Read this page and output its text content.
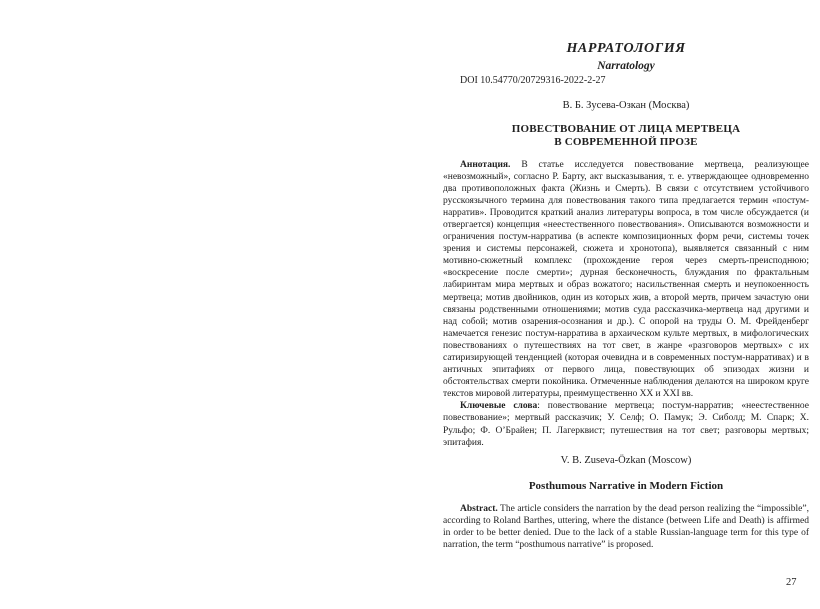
НАРРАТОЛОГИЯ
Narratology
DOI 10.54770/20729316-2022-2-27
В. Б. Зусева-Озкан (Москва)
ПОВЕСТВОВАНИЕ ОТ ЛИЦА МЕРТВЕЦА
В СОВРЕМЕННОЙ ПРОЗЕ

Аннотация. В статье исследуется повествование мертвеца, реализующее «невозможный», согласно Р. Барту, акт высказывания, т. е. утверждающее одновременно два противоположных факта (Жизнь и Смерть). В связи с отсутствием устойчивого русскоязычного термина для повествования такого типа предлагается термин «постум-нарратив». Проводится краткий анализ литературы вопроса, в том числе обсуждается (и отвергается) концепция «неестественного повествования». Описываются возможности и ограничения постум-нарратива (в аспекте композиционных форм речи, системы точек зрения и системы персонажей, сюжета и хронотопа), выявляется связанный с ним мотивно-сюжетный комплекс (прохождение героя через смерть-преисподнюю; «воскресение после смерти»; дурная бесконечность, блуждания по фрактальным лабиринтам мира мертвых и образ вожатого; насильственная смерть и неупокоенность мертвеца; мотив двойников, один из которых жив, а второй мертв, причем зачастую они связаны родственными отношениями; мотив суда рассказчика-мертвеца над другими и над собой; мотив озарения-осознания и др.). С опорой на труды О. М. Фрейденберг намечается генезис постум-нарратива в архаическом культе мертвых, в мифологических повествованиях о путешествиях на тот свет, в жанре «разговоров мертвых» с их сатиризирующей тенденцией (которая очевидна и в современных постум-нарративах) и в античных эпитафиях от первого лица, повествующих об эпизодах жизни и обстоятельствах смерти покойника. Отмеченные наблюдения делаются на широком круге текстов мировой литературы, преимущественно XX и XXI вв.

Ключевые слова: повествование мертвеца; постум-нарратив; «неестественное повествование»; мертвый рассказчик; У. Селф; О. Памук; Э. Сиболд; М. Спарк; Х. Рульфо; Ф. О’Брайен; П. Лагерквист; путешествия на тот свет; разговоры мертвых; эпитафия.

V. B. Zuseva-Özkan (Moscow)
Posthumous Narrative in Modern Fiction

Abstract. The article considers the narration by the dead person realizing the “impossible”, according to Roland Barthes, uttering, where the distance (between Life and Death) is affirmed in order to be better denied. Due to the lack of a stable Russian-language term for this type of narration, the term “posthumous narrative” is proposed.

27
